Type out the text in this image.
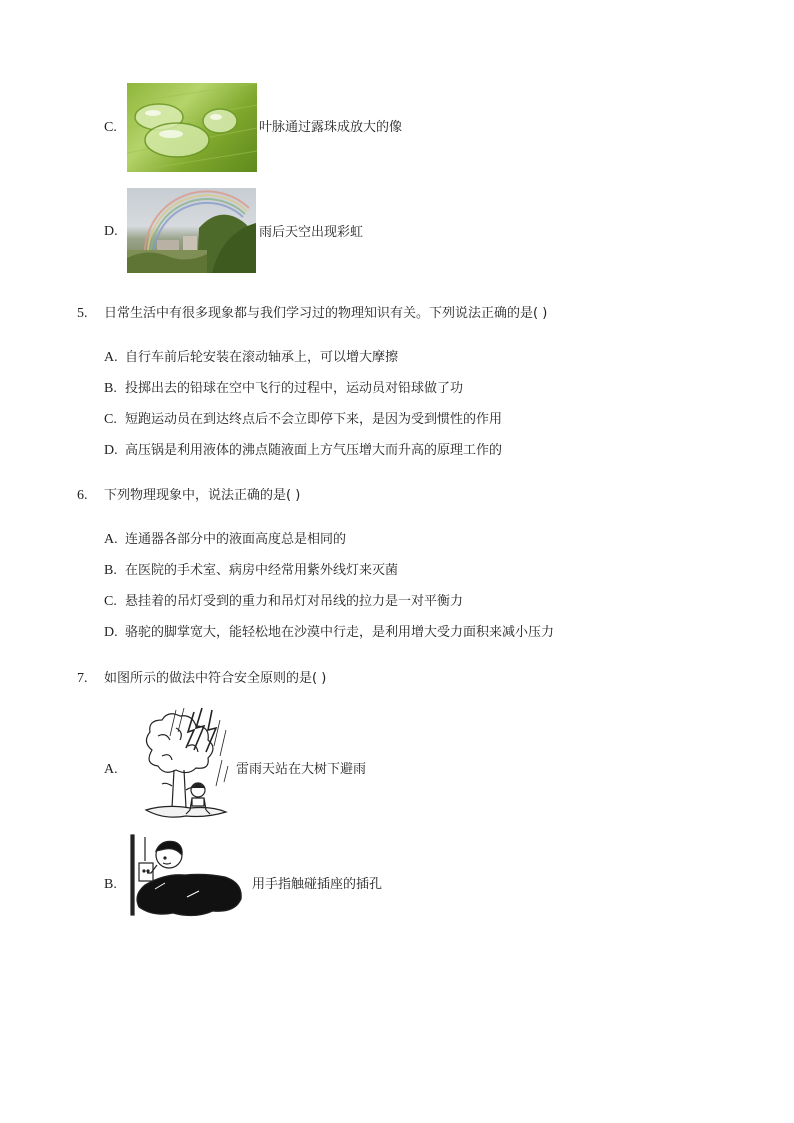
C.	叶脉通过露珠成放大的像
D.	雨后天空出现彩虹
5. 日常生活中有很多现象都与我们学习过的物理知识有关。下列说法正确的是( )
A. 自行车前后轮安装在滚动轴承上，可以增大摩擦
B. 投掷出去的铅球在空中飞行的过程中，运动员对铅球做了功
C. 短跑运动员在到达终点后不会立即停下来，是因为受到惯性的作用
D. 高压锅是利用液体的沸点随液面上方气压增大而升高的原理工作的
6. 下列物理现象中，说法正确的是( )
A. 连通器各部分中的液面高度总是相同的
B. 在医院的手术室、病房中经常用紫外线灯来灭菌
C. 悬挂着的吊灯受到的重力和吊灯对吊线的拉力是一对平衡力
D. 骆驼的脚掌宽大，能轻松地在沙漠中行走，是利用增大受力面积来减小压力
7. 如图所示的做法中符合安全原则的是( )
A.	雷雨天站在大树下避雨
B.	用手指触碰插座的插孔
